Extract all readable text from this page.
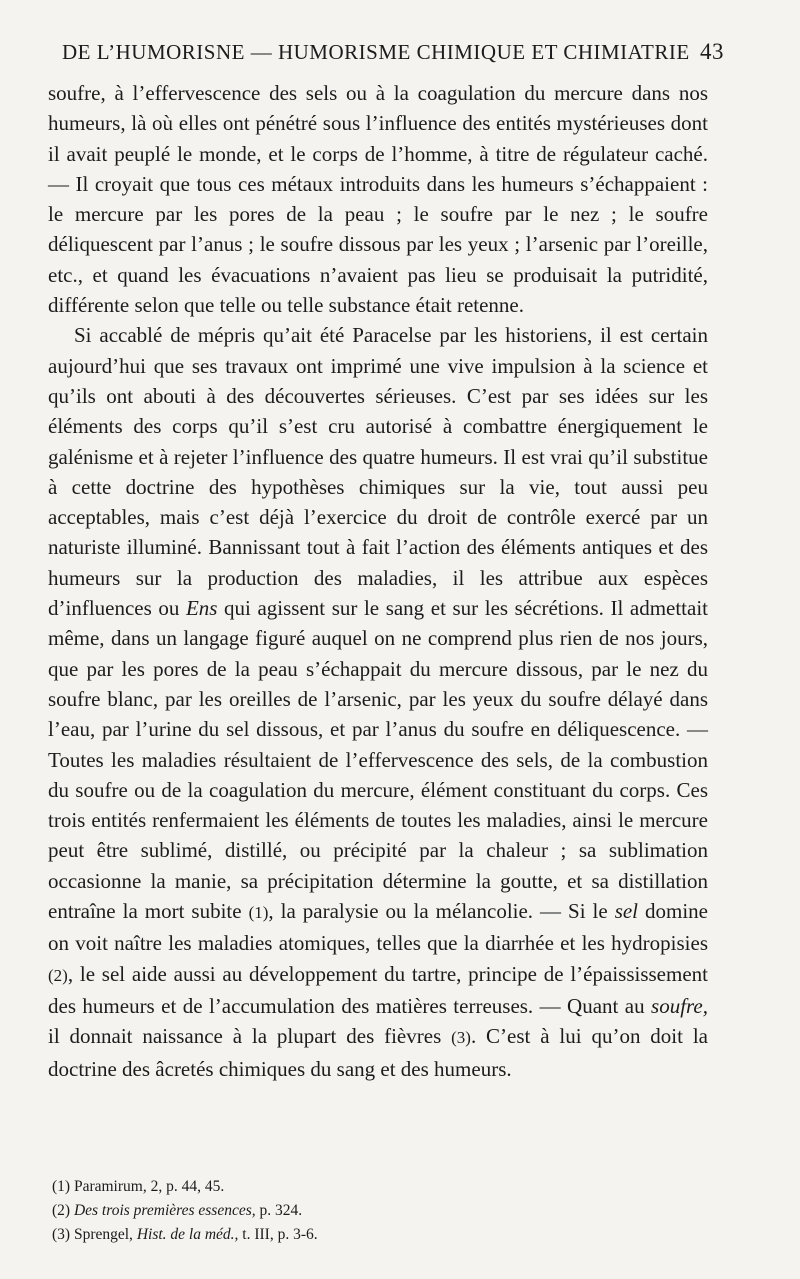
DE L’HUMORISNE — HUMORISME CHIMIQUE ET CHIMIATRIE 43

soufre, à l’effervescence des sels ou à la coagulation du mercure dans nos humeurs, là où elles ont pénétré sous l’influence des entités mystérieuses dont il avait peuplé le monde, et le corps de l’homme, à titre de régulateur caché. — Il croyait que tous ces métaux introduits dans les humeurs s’échappaient : le mercure par les pores de la peau ; le soufre par le nez ; le soufre déliquescent par l’anus ; le soufre dissous par les yeux ; l’arsenic par l’oreille, etc., et quand les évacuations n’avaient pas lieu se produisait la putridité, différente selon que telle ou telle substance était retenne.

Si accablé de mépris qu’ait été Paracelse par les historiens, il est certain aujourd’hui que ses travaux ont imprimé une vive impulsion à la science et qu’ils ont abouti à des découvertes sérieuses. C’est par ses idées sur les éléments des corps qu’il s’est cru autorisé à combattre énergiquement le galénisme et à rejeter l’influence des quatre humeurs. Il est vrai qu’il substitue à cette doctrine des hypothèses chimiques sur la vie, tout aussi peu acceptables, mais c’est déjà l’exercice du droit de contrôle exercé par un naturiste illuminé. Bannissant tout à fait l’action des éléments antiques et des humeurs sur la production des maladies, il les attribue aux espèces d’influences ou Ens qui agissent sur le sang et sur les sécrétions. Il admettait même, dans un langage figuré auquel on ne comprend plus rien de nos jours, que par les pores de la peau s’échappait du mercure dissous, par le nez du soufre blanc, par les oreilles de l’arsenic, par les yeux du soufre délayé dans l’eau, par l’urine du sel dissous, et par l’anus du soufre en déliquescence. — Toutes les maladies résultaient de l’effervescence des sels, de la combustion du soufre ou de la coagulation du mercure, élément constituant du corps. Ces trois entités renfermaient les éléments de toutes les maladies, ainsi le mercure peut être sublimé, distillé, ou précipité par la chaleur ; sa sublimation occasionne la manie, sa précipitation détermine la goutte, et sa distillation entraîne la mort subite (1), la paralysie ou la mélancolie. — Si le sel domine on voit naître les maladies atomiques, telles que la diarrhée et les hydropisies (2), le sel aide aussi au développement du tartre, principe de l’épaississement des humeurs et de l’accumulation des matières terreuses. — Quant au soufre, il donnait naissance à la plupart des fièvres (3). C’est à lui qu’on doit la doctrine des âcretés chimiques du sang et des humeurs.

(1) Paramirum, 2, p. 44, 45.
(2) Des trois premières essences, p. 324.
(3) Sprengel, Hist. de la méd., t. III, p. 3-6.
